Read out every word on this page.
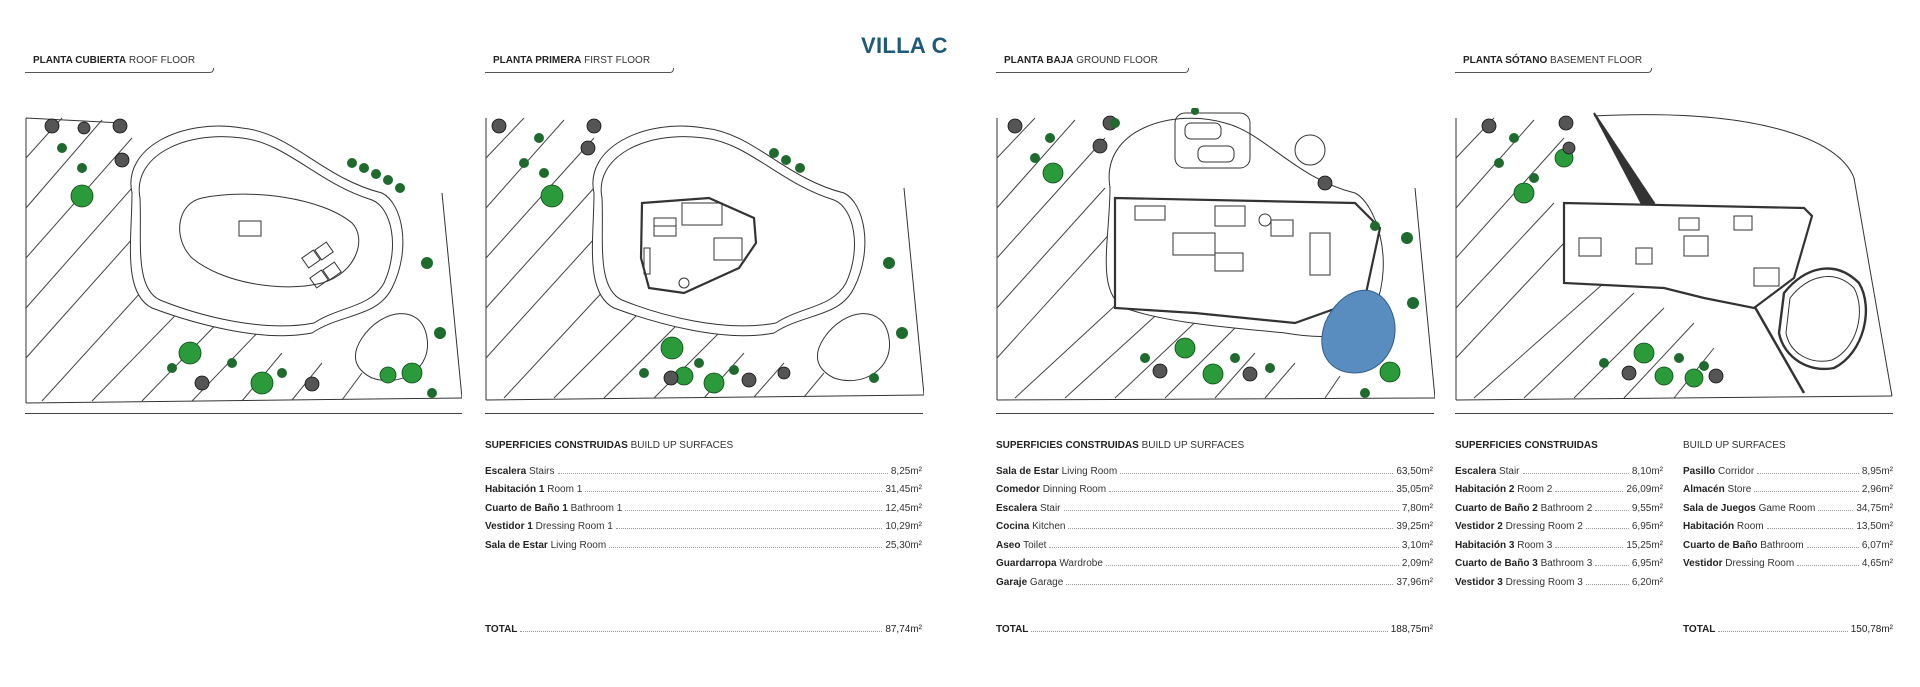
VILLA C
PLANTA CUBIERTA ROOF FLOOR	PLANTA PRIMERA FIRST FLOOR	PLANTA BAJA GROUND FLOOR	PLANTA SÓTANO BASEMENT FLOOR
SUPERFICIES CONSTRUIDAS BUILD UP SURFACES
Escalera Stairs	8,25m²
Habitación 1 Room 1	31,45m²
Cuarto de Baño 1 Bathroom 1	12,45m²
Vestidor 1 Dressing Room 1	10,29m²
Sala de Estar Living Room	25,30m²
TOTAL	87,74m²
SUPERFICIES CONSTRUIDAS BUILD UP SURFACES
Sala de Estar Living Room	63,50m²
Comedor Dinning Room	35,05m²
Escalera Stair	7,80m²
Cocina Kitchen	39,25m²
Aseo Toilet	3,10m²
Guardarropa Wardrobe	2,09m²
Garaje Garage	37,96m²
TOTAL	188,75m²
SUPERFICIES CONSTRUIDAS
Escalera Stair	8,10m²
Habitación 2 Room 2	26,09m²
Cuarto de Baño 2 Bathroom 2	9,55m²
Vestidor 2 Dressing Room 2	6,95m²
Habitación 3 Room 3	15,25m²
Cuarto de Baño 3 Bathroom 3	6,95m²
Vestidor 3 Dressing Room 3	6,20m²
BUILD UP SURFACES
Pasillo Corridor	8,95m²
Almacén Store	2,96m²
Sala de Juegos Game Room	34,75m²
Habitación Room	13,50m²
Cuarto de Baño Bathroom	6,07m²
Vestidor Dressing Room	4,65m²
TOTAL	150,78m²
